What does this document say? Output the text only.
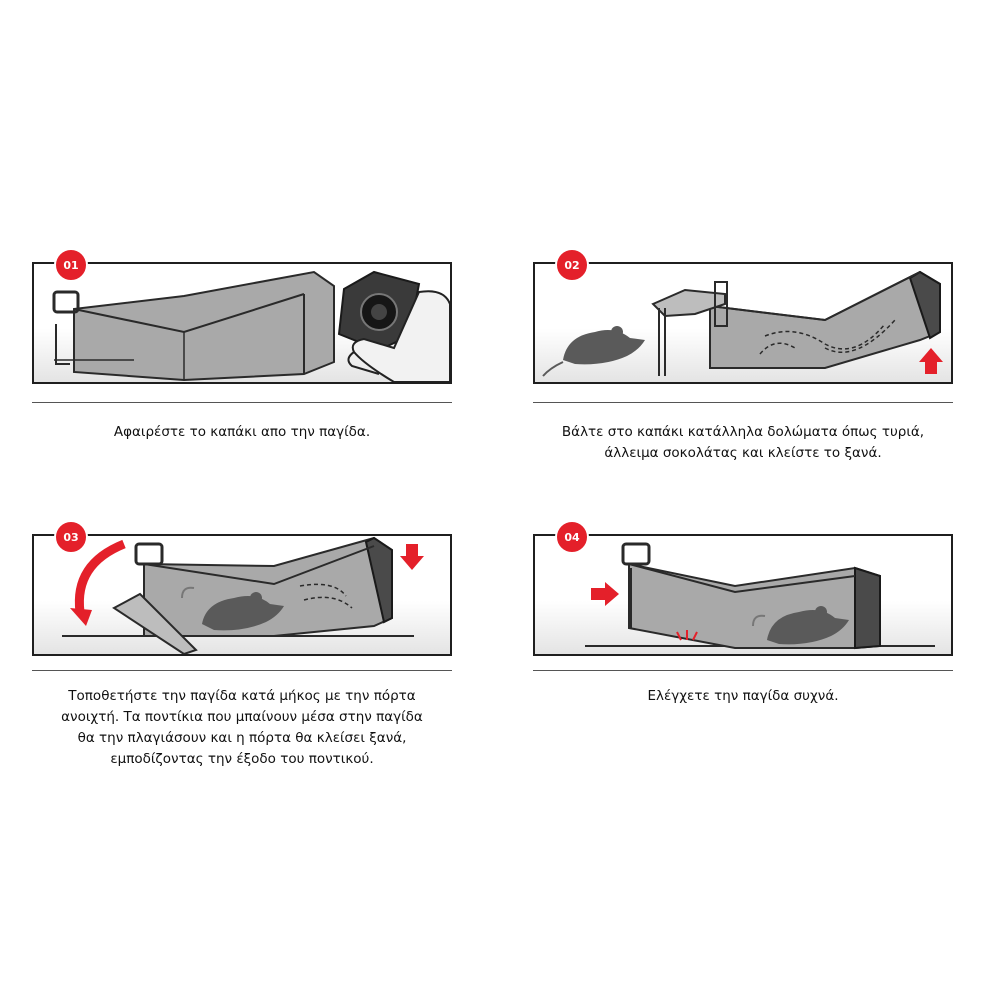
01
Αφαιρέστε το καπάκι απο την παγίδα.
02
Βάλτε στο καπάκι κατάλληλα δολώματα όπως τυριά,
άλλειμα σοκολάτας και κλείστε το ξανά.
03
Τοποθετήστε την παγίδα κατά μήκος με την πόρτα
ανοιχτή. Τα ποντίκια που μπαίνουν μέσα στην παγίδα
θα την πλαγιάσουν και η πόρτα θα κλείσει ξανά,
εμποδίζοντας την έξοδο του ποντικού.
04
Ελέγχετε την παγίδα συχνά.
